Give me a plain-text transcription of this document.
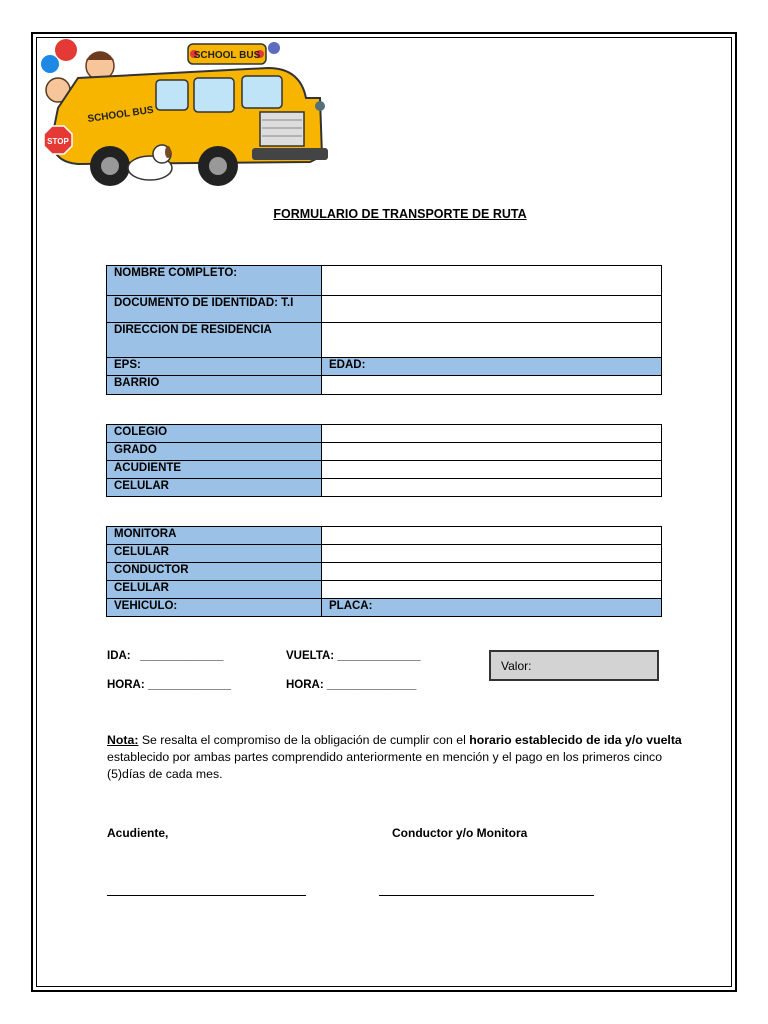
SCHOOL BUS
SCHOOL BUS
STOP
FORMULARIO DE TRANSPORTE DE RUTA
NOMBRE COMPLETO:	
DOCUMENTO DE IDENTIDAD: T.I	
DIRECCION DE RESIDENCIA	
EPS:	EDAD:
BARRIO	
COLEGIO	
GRADO	
ACUDIENTE	
CELULAR	
MONITORA	
CELULAR	
CONDUCTOR	
CELULAR	
VEHICULO:	PLACA:
IDA:   _____________	VUELTA: _____________
HORA: _____________	HORA: ______________
Valor:
Nota: Se resalta el compromiso de la obligación de cumplir con el horario establecido de ida y/o vuelta establecido por ambas partes comprendido anteriormente en mención y el pago en los primeros cinco (5)días de cada mes.
Acudiente,	Conductor y/o Monitora
